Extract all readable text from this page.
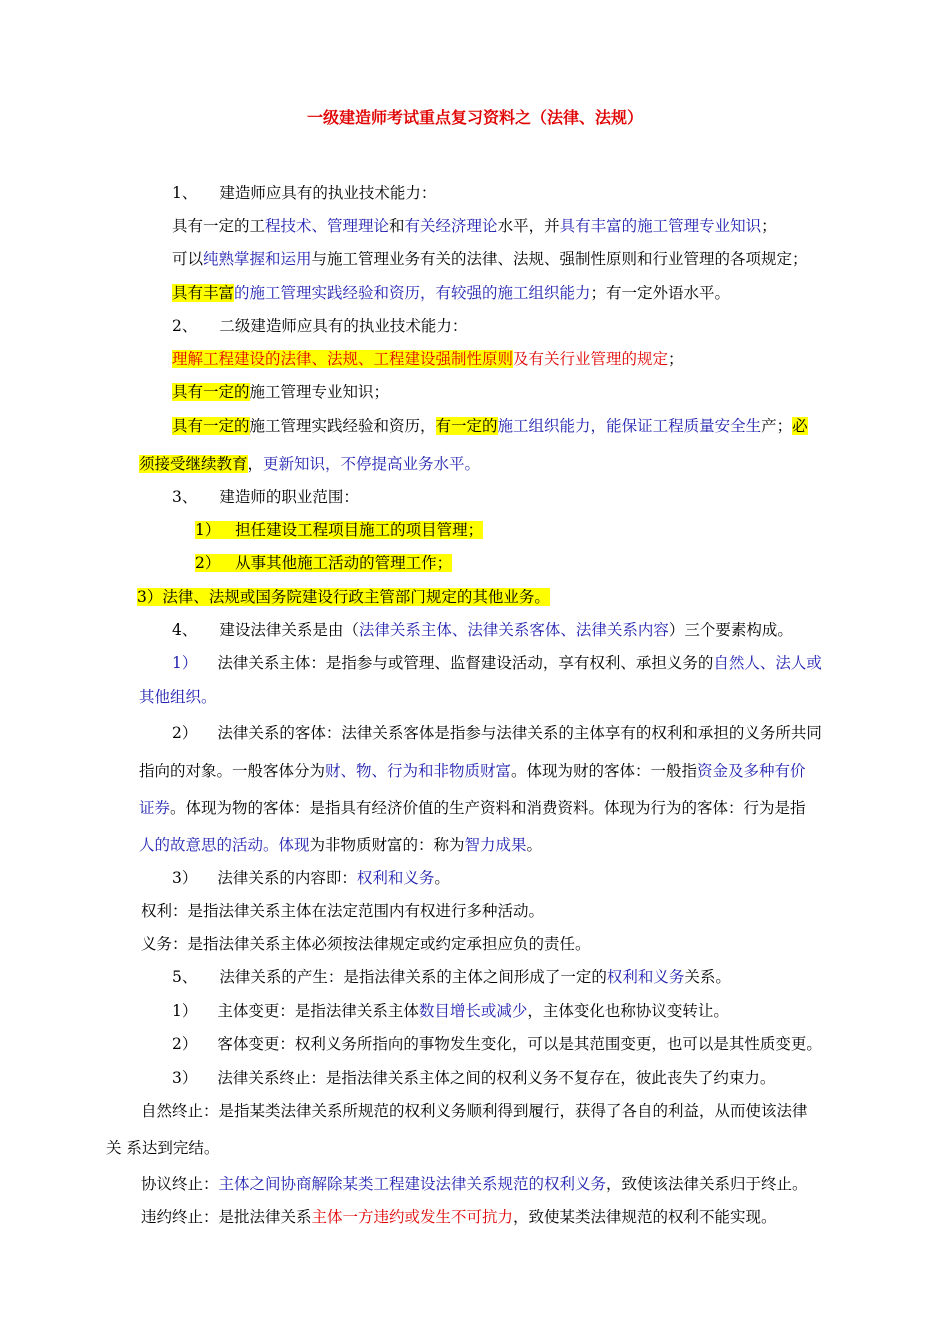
一级建造师考试重点复习资料之（法律、法规）
1、 建造师应具有的执业技术能力：
具有一定的工程技术、管理理论和有关经济理论水平，并具有丰富的施工管理专业知识；
可以纯熟掌握和运用与施工管理业务有关的法律、法规、强制性原则和行业管理的各项规定；
具有丰富的施工管理实践经验和资历，有较强的施工组织能力；有一定外语水平。
2、 二级建造师应具有的执业技术能力：
理解工程建设的法律、法规、工程建设强制性原则及有关行业管理的规定；
具有一定的施工管理专业知识；
具有一定的施工管理实践经验和资历，有一定的施工组织能力，能保证工程质量安全生产；必
须接受继续教育，更新知识，不停提高业务水平。
3、 建造师的职业范围：
1）   担任建设工程项目施工的项目管理；
2）   从事其他施工活动的管理工作；
3）法律、法规或国务院建设行政主管部门规定的其他业务。
4、 建设法律关系是由（法律关系主体、法律关系客体、法律关系内容）三个要素构成。
1） 法律关系主体：是指参与或管理、监督建设活动，享有权利、承担义务的自然人、法人或
其他组织。
2） 法律关系的客体：法律关系客体是指参与法律关系的主体享有的权利和承担的义务所共同
指向的对象。一般客体分为财、物、行为和非物质财富。体现为财的客体：一般指资金及多种有价
证券。体现为物的客体：是指具有经济价值的生产资料和消费资料。体现为行为的客体：行为是指
人的故意思的活动。体现为非物质财富的：称为智力成果。
3） 法律关系的内容即：权利和义务。
权利：是指法律关系主体在法定范围内有权进行多种活动。
义务：是指法律关系主体必须按法律规定或约定承担应负的责任。
5、 法律关系的产生：是指法律关系的主体之间形成了一定的权利和义务关系。
1） 主体变更：是指法律关系主体数目增长或减少，主体变化也称协议变转让。
2） 客体变更：权利义务所指向的事物发生变化，可以是其范围变更，也可以是其性质变更。
3） 法律关系终止：是指法律关系主体之间的权利义务不复存在，彼此丧失了约束力。
自然终止：是指某类法律关系所规范的权利义务顺利得到履行，获得了各自的利益，从而使该法律
关 系达到完结。
协议终止：主体之间协商解除某类工程建设法律关系规范的权利义务，致使该法律关系归于终止。
违约终止：是批法律关系主体一方违约或发生不可抗力，致使某类法律规范的权利不能实现。
